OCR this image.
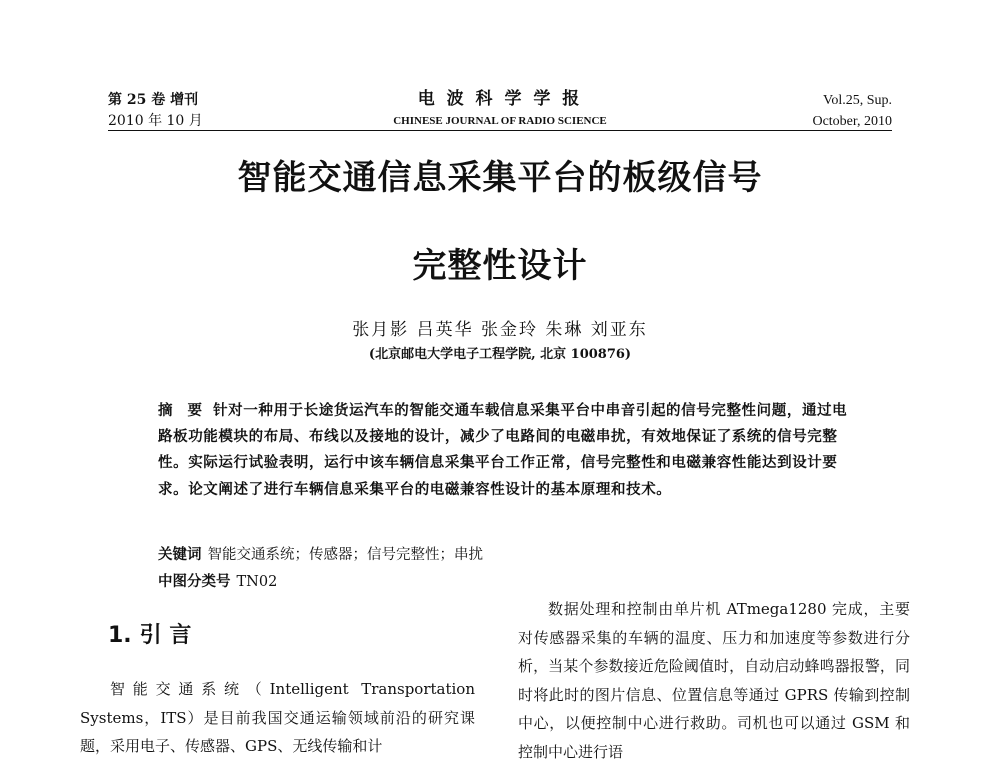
第 25 卷 增刊
2010 年 10 月
电 波 科 学 学 报
CHINESE JOURNAL OF RADIO SCIENCE
Vol.25, Sup.
October, 2010
智能交通信息采集平台的板级信号
完整性设计
张月影 吕英华 张金玲 朱琳 刘亚东
(北京邮电大学电子工程学院, 北京 100876)
摘 要 针对一种用于长途货运汽车的智能交通车载信息采集平台中串音引起的信号完整性问题，通过电路板功能模块的布局、布线以及接地的设计，减少了电路间的电磁串扰，有效地保证了系统的信号完整性。实际运行试验表明，运行中该车辆信息采集平台工作正常，信号完整性和电磁兼容性能达到设计要求。论文阐述了进行车辆信息采集平台的电磁兼容性设计的基本原理和技术。
关键词 智能交通系统；传感器；信号完整性；串扰
中图分类号 TN02
1. 引 言
智能交通系统（Intelligent Transportation Systems，ITS）是目前我国交通运输领域前沿的研究课题，采用电子、传感器、GPS、无线传输和计
数据处理和控制由单片机 ATmega1280 完成，主要对传感器采集的车辆的温度、压力和加速度等参数进行分析，当某个参数接近危险阈值时，自动启动蜂鸣器报警，同时将此时的图片信息、位置信息等通过 GPRS 传输到控制中心，以便控制中心进行救助。司机也可以通过 GSM 和控制中心进行语
